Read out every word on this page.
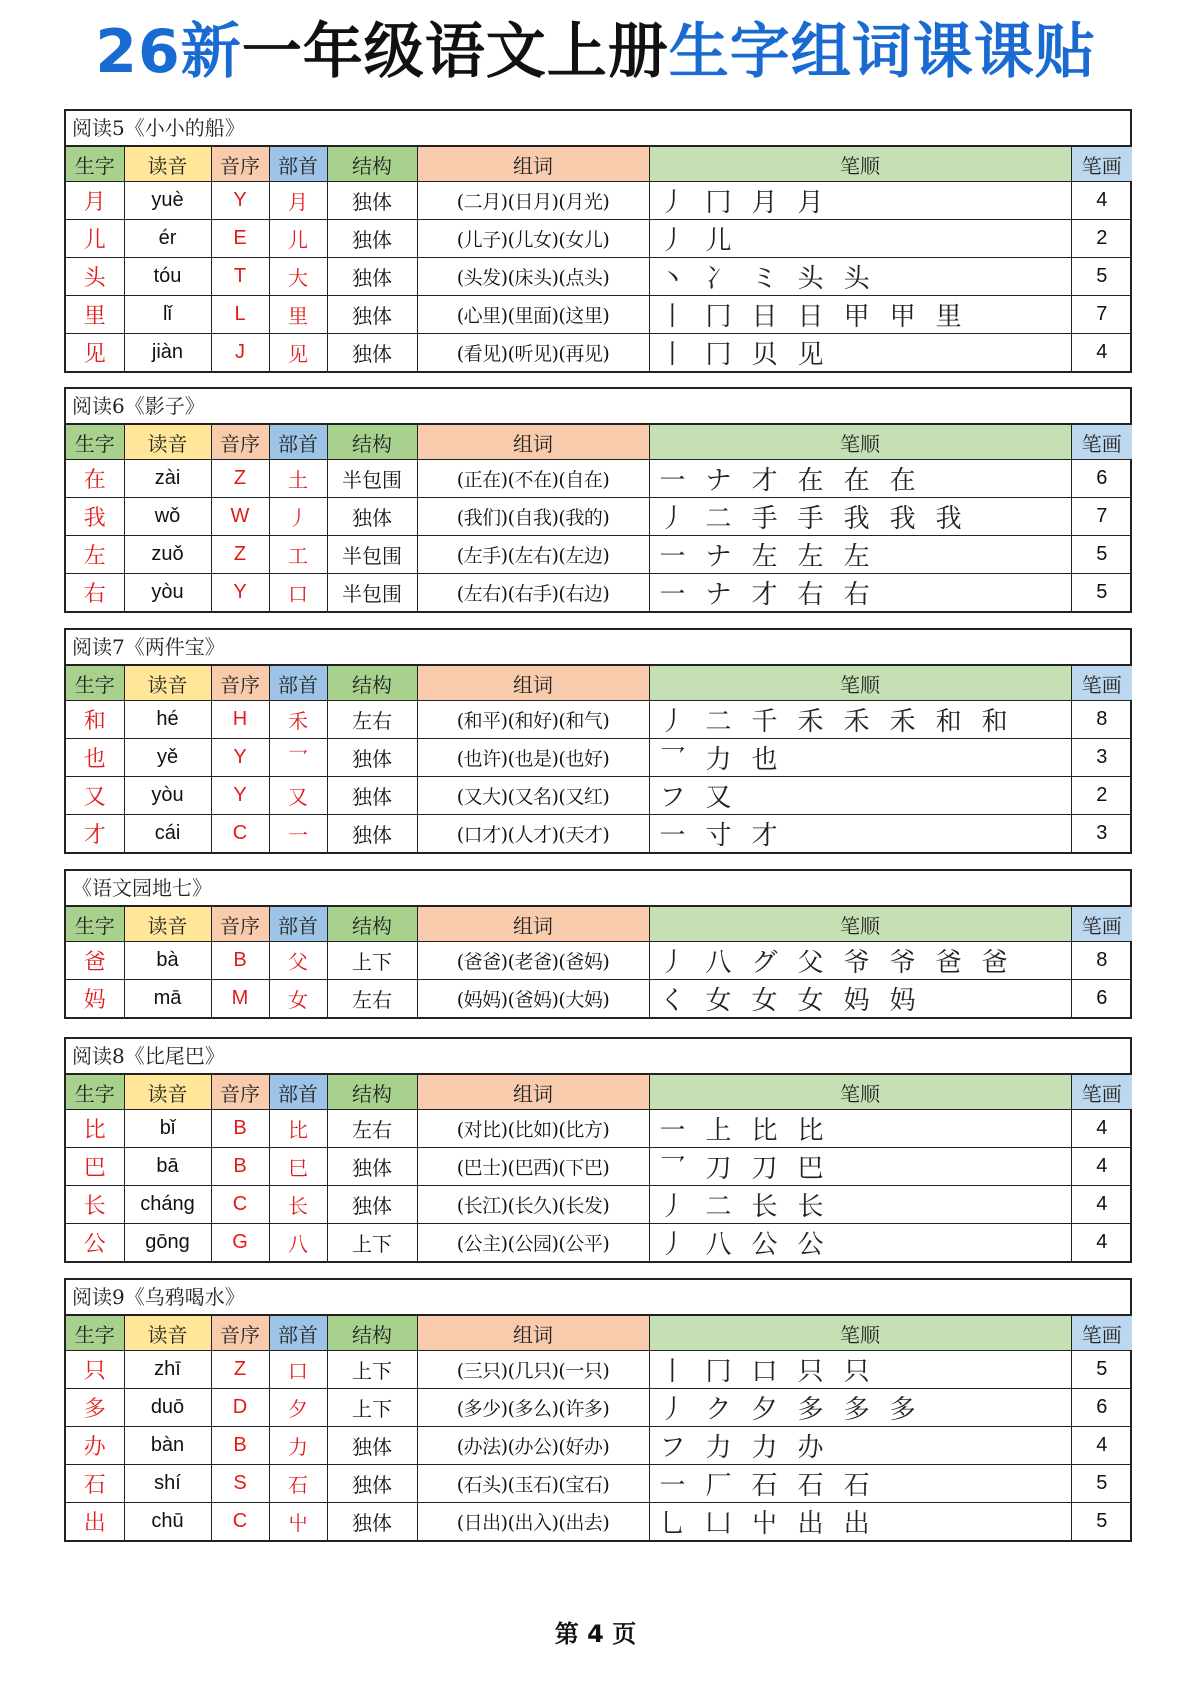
26新一年级语文上册生字组词课课贴
阅读5《小小的船》
生字	读音	音序	部首	结构	组词	笔顺	笔画
月	yuè	Y	月	独体	(二月)(日月)(月光)	丿 冂 月 月	4
儿	ér	E	儿	独体	(儿子)(儿女)(女儿)	丿 儿	2
头	tóu	T	大	独体	(头发)(床头)(点头)	丶 冫 ミ 头 头	5
里	lǐ	L	里	独体	(心里)(里面)(这里)	丨 冂 日 日 甲 甲 里	7
见	jiàn	J	见	独体	(看见)(听见)(再见)	丨 冂 贝 见	4
阅读6《影子》
生字	读音	音序	部首	结构	组词	笔顺	笔画
在	zài	Z	土	半包围	(正在)(不在)(自在)	一 ナ 才 在 在 在	6
我	wǒ	W	丿	独体	(我们)(自我)(我的)	丿 二 手 手 我 我 我	7
左	zuǒ	Z	工	半包围	(左手)(左右)(左边)	一 ナ 左 左 左	5
右	yòu	Y	口	半包围	(左右)(右手)(右边)	一 ナ 才 右 右	5
阅读7《两件宝》
生字	读音	音序	部首	结构	组词	笔顺	笔画
和	hé	H	禾	左右	(和平)(和好)(和气)	丿 二 千 禾 禾 禾 和 和	8
也	yě	Y	乛	独体	(也许)(也是)(也好)	乛 力 也	3
又	yòu	Y	又	独体	(又大)(又名)(又红)	フ 又	2
才	cái	C	一	独体	(口才)(人才)(天才)	一 寸 才	3
《语文园地七》
生字	读音	音序	部首	结构	组词	笔顺	笔画
爸	bà	B	父	上下	(爸爸)(老爸)(爸妈)	丿 八 グ 父 爷 爷 爸 爸	8
妈	mā	M	女	左右	(妈妈)(爸妈)(大妈)	く 女 女 女 妈 妈	6
阅读8《比尾巴》
生字	读音	音序	部首	结构	组词	笔顺	笔画
比	bǐ	B	比	左右	(对比)(比如)(比方)	一 上 比 比	4
巴	bā	B	巳	独体	(巴士)(巴西)(下巴)	乛 刀 刀 巴	4
长	cháng	C	长	独体	(长江)(长久)(长发)	丿 二 长 长	4
公	gōng	G	八	上下	(公主)(公园)(公平)	丿 八 公 公	4
阅读9《乌鸦喝水》
生字	读音	音序	部首	结构	组词	笔顺	笔画
只	zhī	Z	口	上下	(三只)(几只)(一只)	丨 冂 口 只 只	5
多	duō	D	夕	上下	(多少)(多么)(许多)	丿 ク 夕 多 多 多	6
办	bàn	B	力	独体	(办法)(办公)(好办)	フ 力 力 办	4
石	shí	S	石	独体	(石头)(玉石)(宝石)	一 厂 石 石 石	5
出	chū	C	屮	独体	(日出)(出入)(出去)	乚 凵 屮 出 出	5
第 4 页
